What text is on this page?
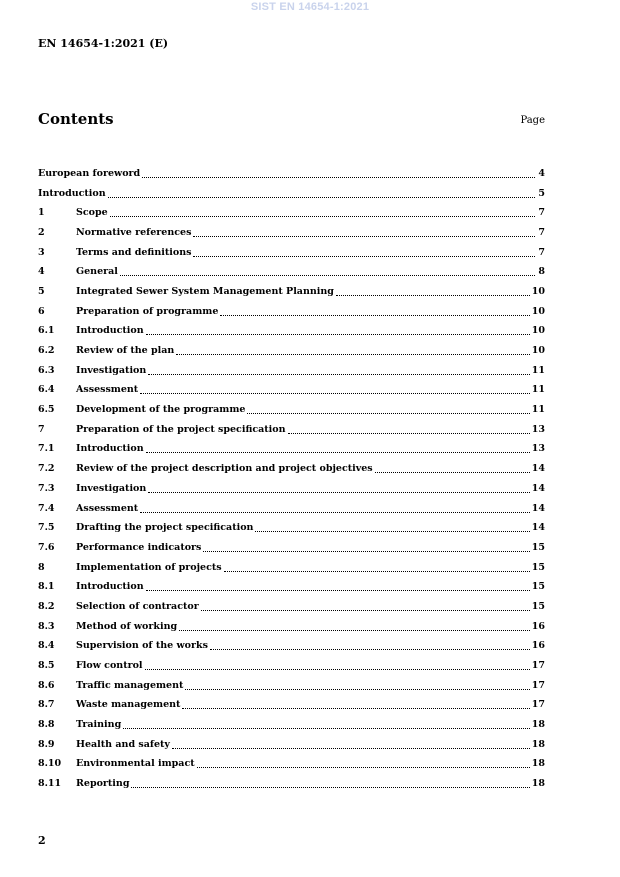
SIST EN 14654-1:2021
EN 14654-1:2021 (E)
Contents	Page
European foreword	4
Introduction	5
1	Scope	7
2	Normative references	7
3	Terms and definitions	7
4	General	8
5	Integrated Sewer System Management Planning	10
6	Preparation of programme	10
6.1	Introduction	10
6.2	Review of the plan	10
6.3	Investigation	11
6.4	Assessment	11
6.5	Development of the programme	11
7	Preparation of the project specification	13
7.1	Introduction	13
7.2	Review of the project description and project objectives	14
7.3	Investigation	14
7.4	Assessment	14
7.5	Drafting the project specification	14
7.6	Performance indicators	15
8	Implementation of projects	15
8.1	Introduction	15
8.2	Selection of contractor	15
8.3	Method of working	16
8.4	Supervision of the works	16
8.5	Flow control	17
8.6	Traffic management	17
8.7	Waste management	17
8.8	Training	18
8.9	Health and safety	18
8.10	Environmental impact	18
8.11	Reporting	18
2
